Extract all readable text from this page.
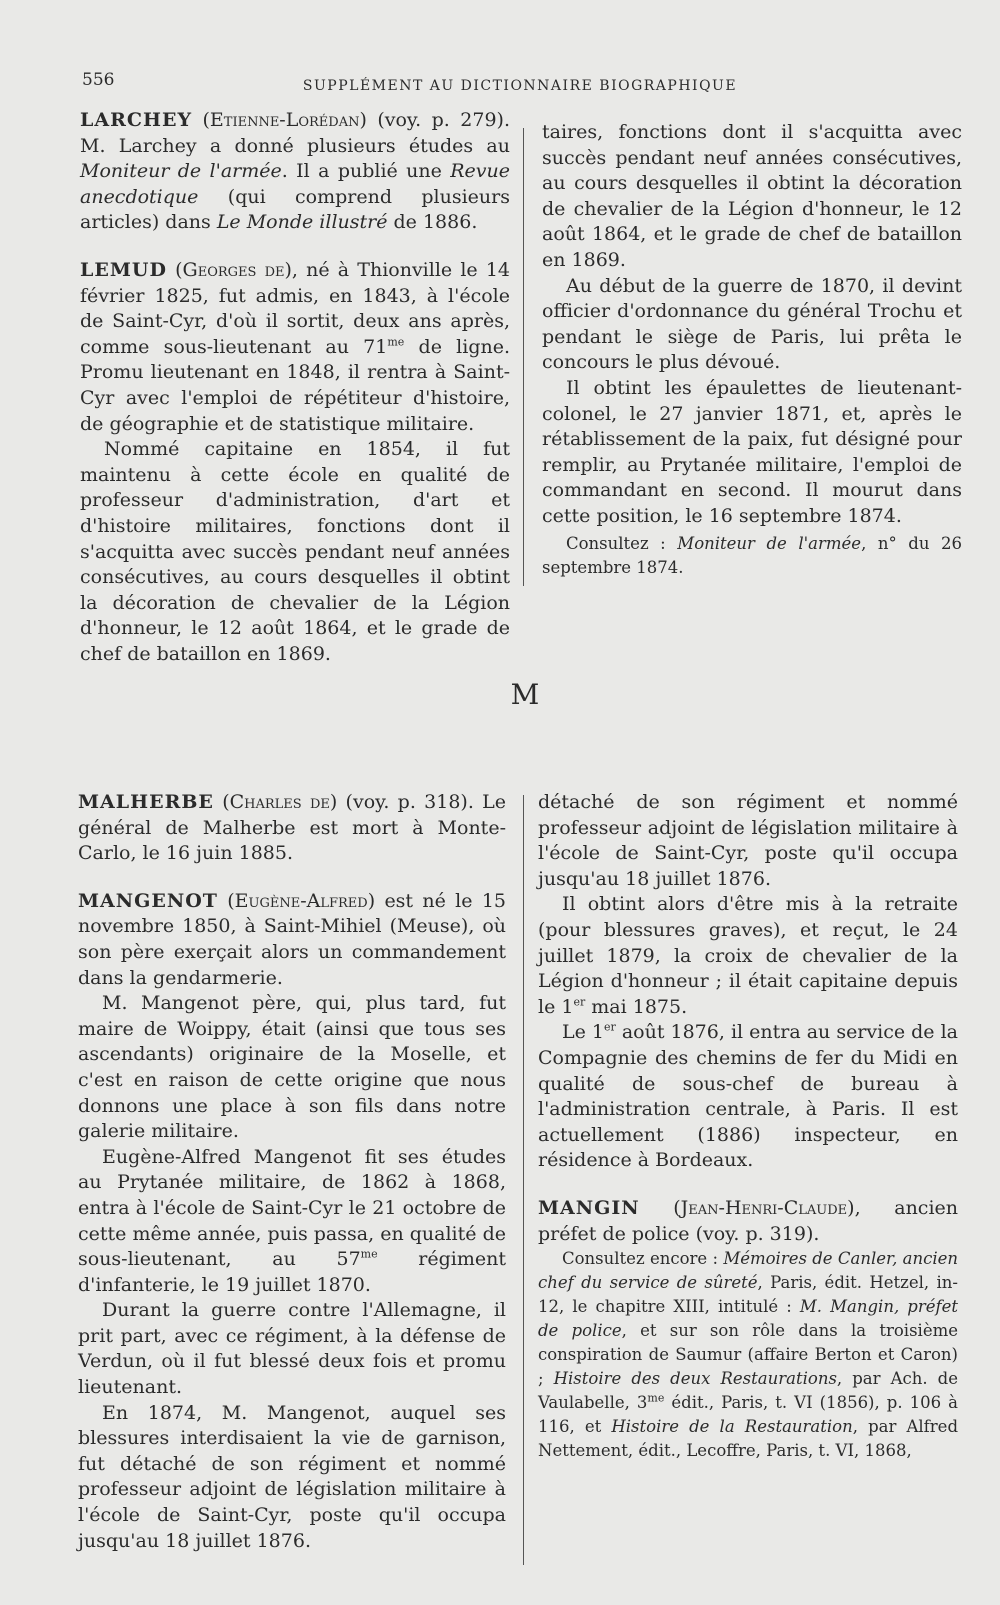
556	SUPPLÉMENT AU DICTIONNAIRE BIOGRAPHIQUE

LARCHEY (Etienne-Lorédan) (voy. p. 279). M. Larchey a donné plusieurs études au Moniteur de l'armée. Il a publié une Revue anecdotique (qui comprend plusieurs articles) dans Le Monde illustré de 1886.

LEMUD (Georges de), né à Thionville le 14 février 1825, fut admis, en 1843, à l'école de Saint-Cyr, d'où il sortit, deux ans après, comme sous-lieutenant au $71^{me}$ de ligne. Promu lieutenant en 1848, il rentra à Saint-Cyr avec l'emploi de répétiteur d'histoire, de géographie et de statistique militaire.

Nommé capitaine en 1854, il fut maintenu à cette école en qualité de professeur d'administration, d'art et d'histoire militaires, fonctions dont il s'acquitta avec succès pendant neuf années consécutives, au cours desquelles il obtint la décoration de chevalier de la Légion d'honneur, le 12 août 1864, et le grade de chef de bataillon en 1869.

taires, fonctions dont il s'acquitta avec succès pendant neuf années consécutives, au cours desquelles il obtint la décoration de chevalier de la Légion d'honneur, le 12 août 1864, et le grade de chef de bataillon en 1869.

Au début de la guerre de 1870, il devint officier d'ordonnance du général Trochu et pendant le siège de Paris, lui prêta le concours le plus dévoué.

Il obtint les épaulettes de lieutenant-colonel, le 27 janvier 1871, et, après le rétablissement de la paix, fut désigné pour remplir, au Prytanée militaire, l'emploi de commandant en second. Il mourut dans cette position, le 16 septembre 1874.

Consultez : Moniteur de l'armée, n° du 26 septembre 1874.

M

MALHERBE (Charles de) (voy. p. 318). Le général de Malherbe est mort à Monte-Carlo, le 16 juin 1885.

MANGENOT (Eugène-Alfred) est né le 15 novembre 1850, à Saint-Mihiel (Meuse), où son père exerçait alors un commandement dans la gendarmerie.

M. Mangenot père, qui, plus tard, fut maire de Woippy, était (ainsi que tous ses ascendants) originaire de la Moselle, et c'est en raison de cette origine que nous donnons une place à son fils dans notre galerie militaire.

Eugène-Alfred Mangenot fit ses études au Prytanée militaire, de 1862 à 1868, entra à l'école de Saint-Cyr le 21 octobre de cette même année, puis passa, en qualité de sous-lieutenant, au $57^{me}$ régiment d'infanterie, le 19 juillet 1870.

Durant la guerre contre l'Allemagne, il prit part, avec ce régiment, à la défense de Verdun, où il fut blessé deux fois et promu lieutenant.

En 1874, M. Mangenot, auquel ses blessures interdisaient la vie de garnison, fut détaché de son régiment et nommé professeur adjoint de législation militaire à l'école de Saint-Cyr, poste qu'il occupa jusqu'au 18 juillet 1876.

détaché de son régiment et nommé professeur adjoint de législation militaire à l'école de Saint-Cyr, poste qu'il occupa jusqu'au 18 juillet 1876.

Il obtint alors d'être mis à la retraite (pour blessures graves), et reçut, le 24 juillet 1879, la croix de chevalier de la Légion d'honneur ; il était capitaine depuis le 1er mai 1875.

Le 1er août 1876, il entra au service de la Compagnie des chemins de fer du Midi en qualité de sous-chef de bureau à l'administration centrale, à Paris. Il est actuellement (1886) inspecteur, en résidence à Bordeaux.

MANGIN (Jean-Henri-Claude), ancien préfet de police (voy. p. 319).

Consultez encore : Mémoires de Canler, ancien chef du service de sûreté, Paris, édit. Hetzel, in-12, le chapitre XIII, intitulé : M. Mangin, préfet de police, et sur son rôle dans la troisième conspiration de Saumur (affaire Berton et Caron) ; Histoire des deux Restaurations, par Ach. de Vaulabelle, $3^{me}$ édit., Paris, t. VI (1856), p. 106 à 116, et Histoire de la Restauration, par Alfred Nettement, édit., Lecoffre, Paris, t. VI, 1868,
